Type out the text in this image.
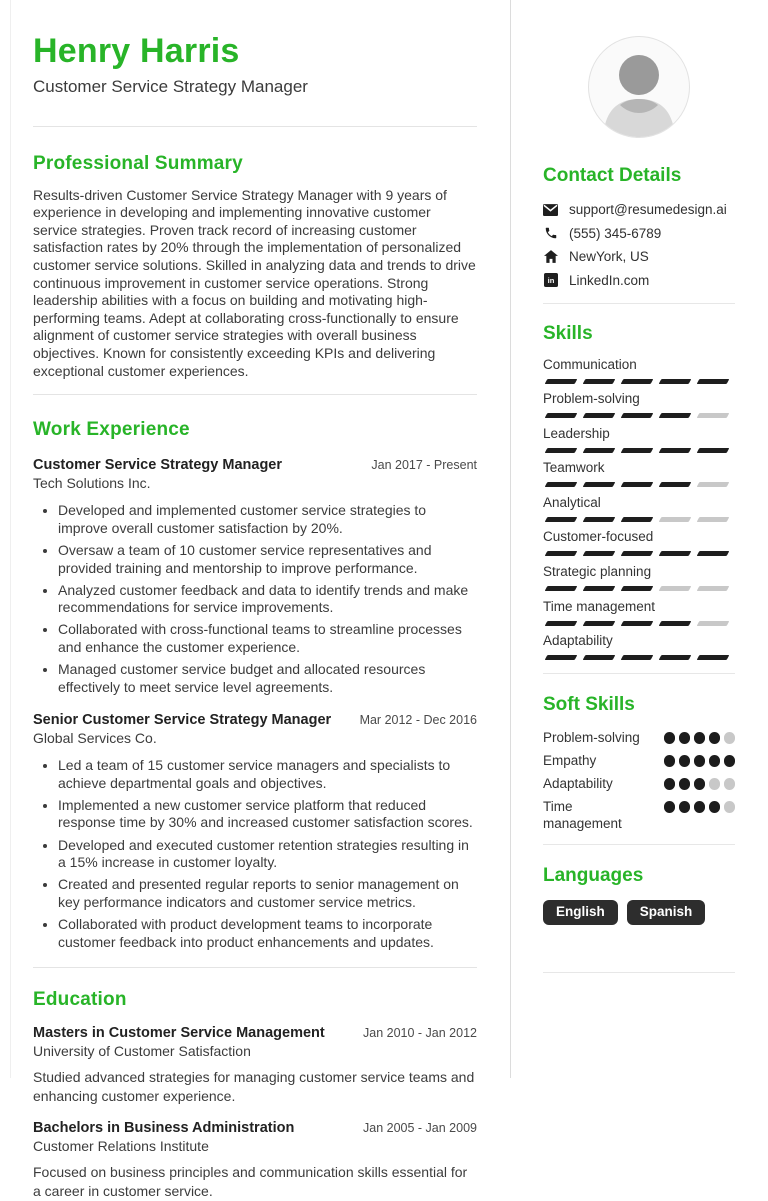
Henry Harris
Customer Service Strategy Manager
Professional Summary

Results-driven Customer Service Strategy Manager with 9 years of experience in developing and implementing innovative customer service strategies. Proven track record of increasing customer satisfaction rates by 20% through the implementation of personalized customer service solutions. Skilled in analyzing data and trends to drive continuous improvement in customer service operations. Strong leadership abilities with a focus on building and motivating high-performing teams. Adept at collaborating cross-functionally to ensure alignment of customer service strategies with overall business objectives. Known for consistently exceeding KPIs and delivering exceptional customer experiences.

Work Experience
Customer Service Strategy Manager	Jan 2017 - Present
Tech Solutions Inc.
• Developed and implemented customer service strategies to improve overall customer satisfaction by 20%.
• Oversaw a team of 10 customer service representatives and provided training and mentorship to improve performance.
• Analyzed customer feedback and data to identify trends and make recommendations for service improvements.
• Collaborated with cross-functional teams to streamline processes and enhance the customer experience.
• Managed customer service budget and allocated resources effectively to meet service level agreements.
Senior Customer Service Strategy Manager	Mar 2012 - Dec 2016
Global Services Co.
• Led a team of 15 customer service managers and specialists to achieve departmental goals and objectives.
• Implemented a new customer service platform that reduced response time by 30% and increased customer satisfaction scores.
• Developed and executed customer retention strategies resulting in a 15% increase in customer loyalty.
• Created and presented regular reports to senior management on key performance indicators and customer service metrics.
• Collaborated with product development teams to incorporate customer feedback into product enhancements and updates.
Education
Masters in Customer Service Management	Jan 2010 - Jan 2012
University of Customer Satisfaction

Studied advanced strategies for managing customer service teams and enhancing customer experience.

Bachelors in Business Administration	Jan 2005 - Jan 2009
Customer Relations Institute

Focused on business principles and communication skills essential for a career in customer service.

Contact Details
support@resumedesign.ai
(555) 345-6789
NewYork, US
in LinkedIn.com
Skills
Communication
Problem-solving
Leadership
Teamwork
Analytical
Customer-focused
Strategic planning
Time management
Adaptability
Soft Skills
Problem-solving
Empathy
Adaptability
Time management
Languages
English	Spanish
